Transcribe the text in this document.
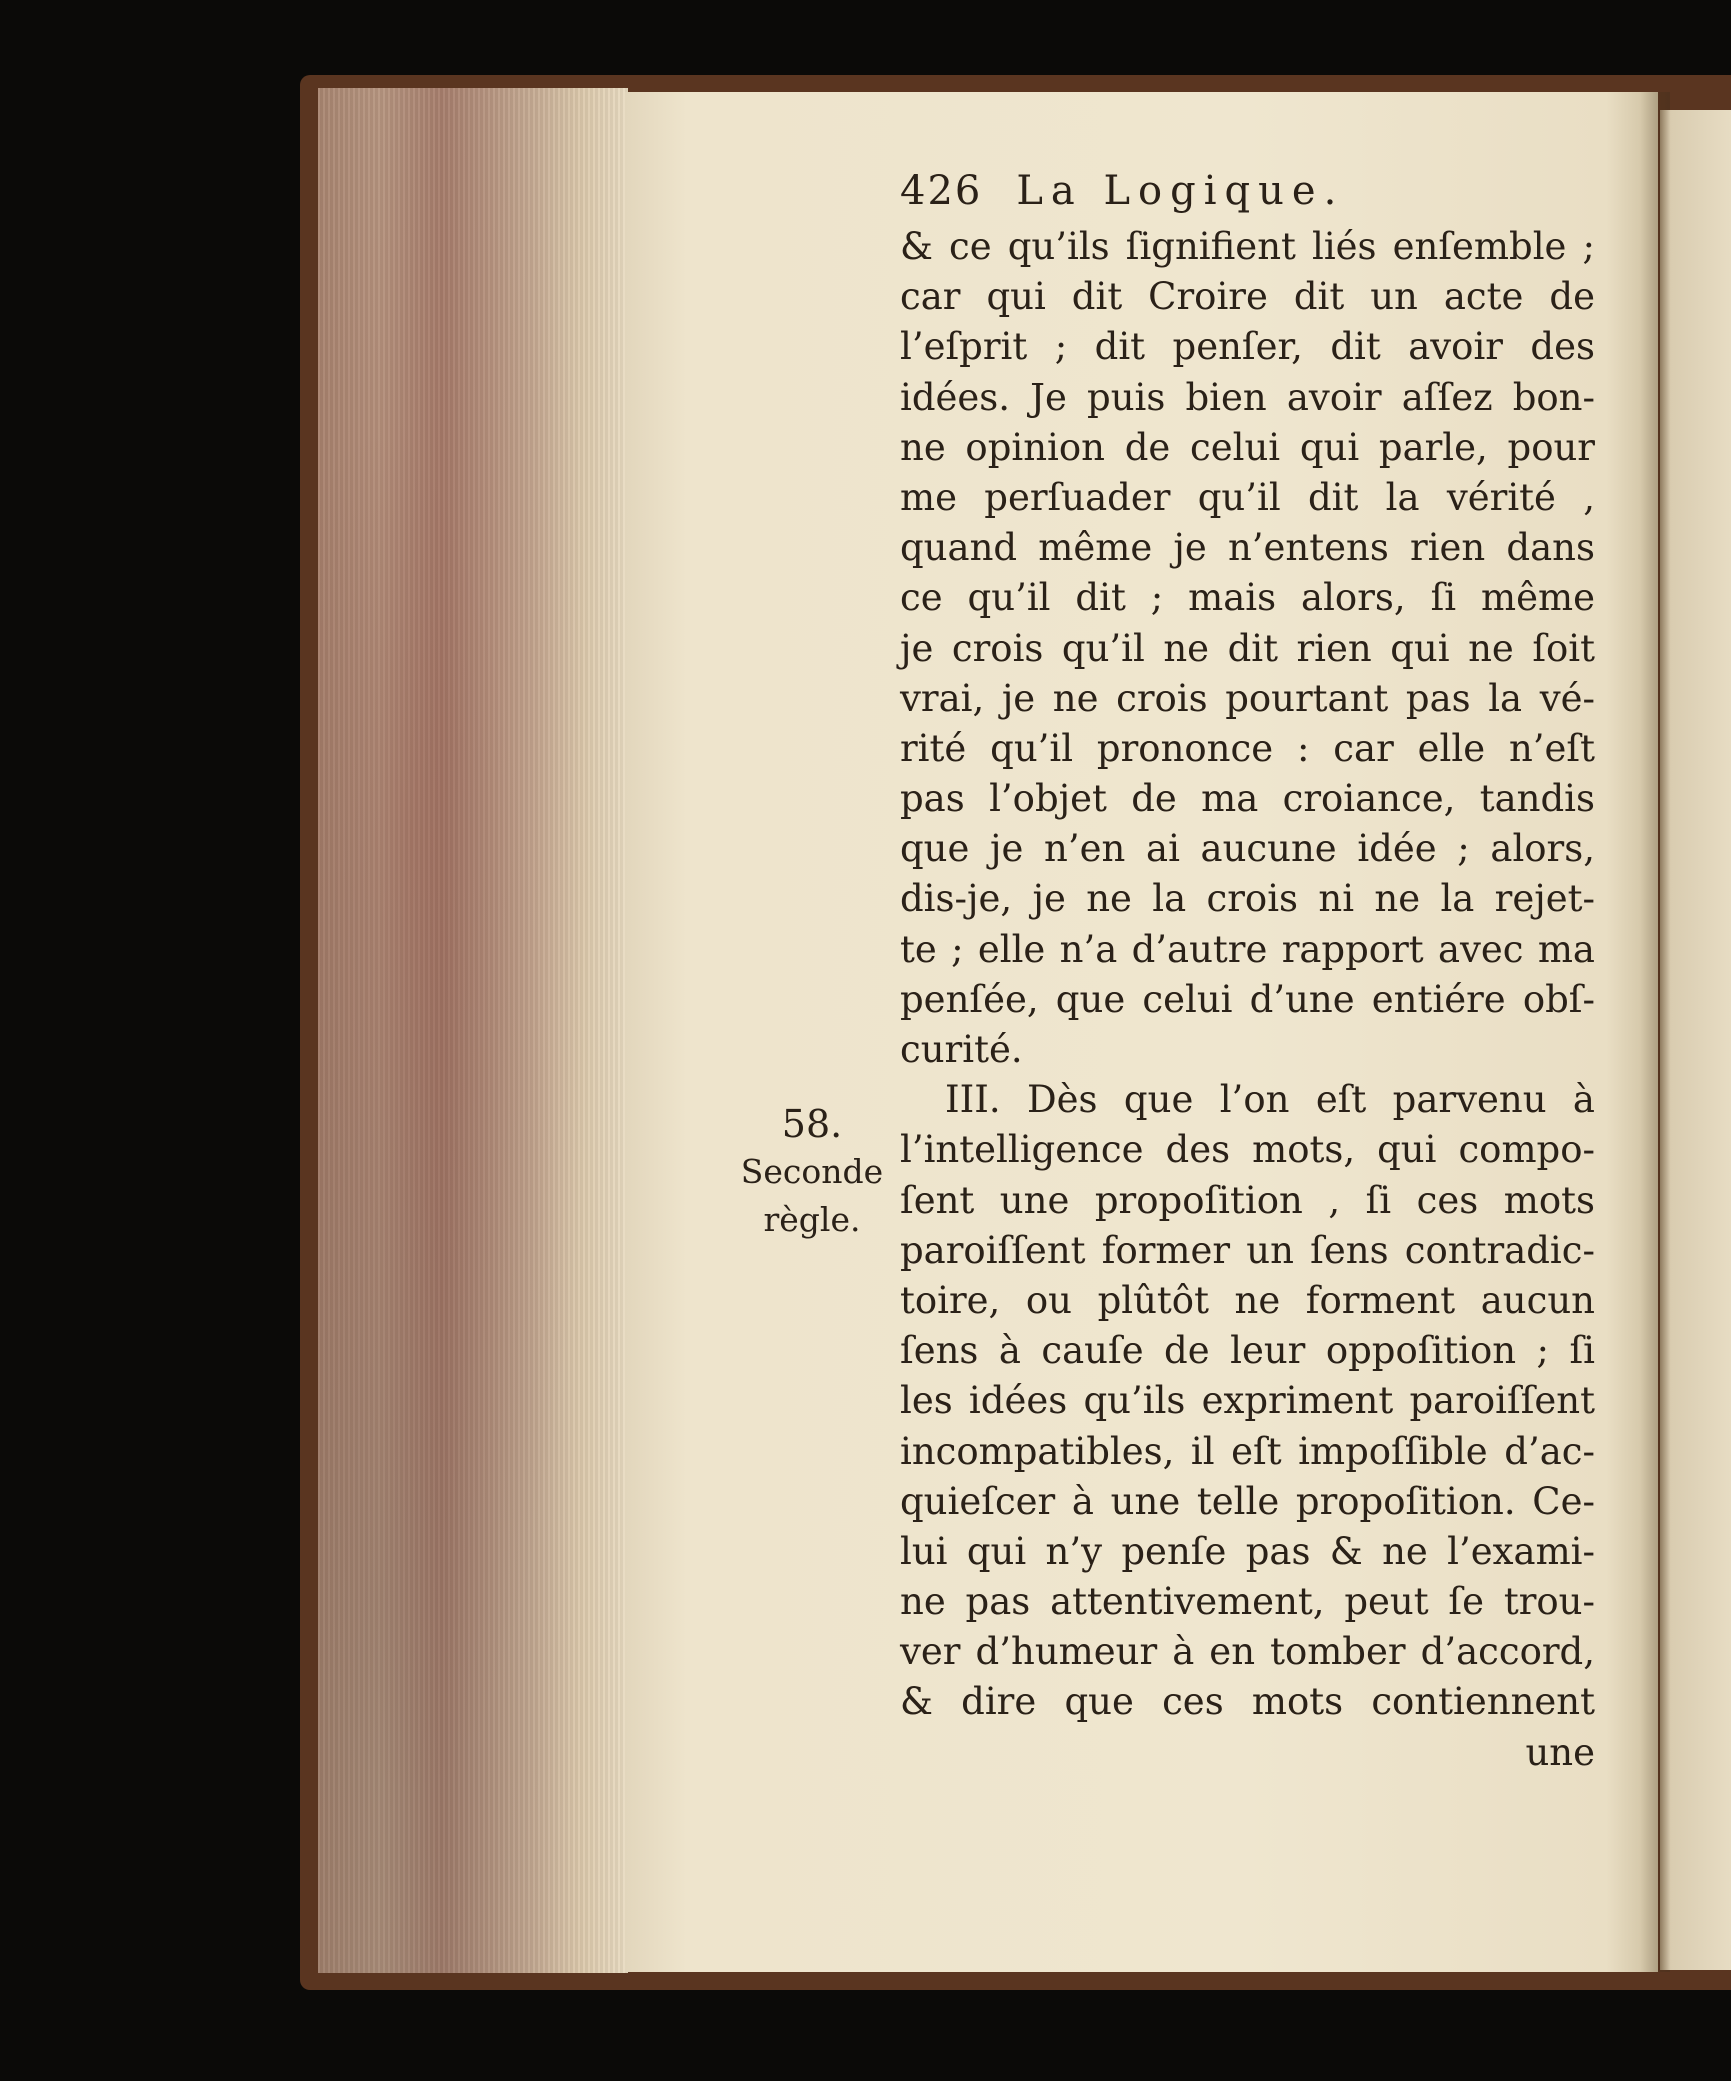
426 La Logique.
58.
Seconde
règle.
& ce qu’ils ſignifient liés enſemble ;
car qui dit Croire dit un acte de
l’eſprit ; dit penſer, dit avoir des
idées. Je puis bien avoir aſſez bon-
ne opinion de celui qui parle, pour
me perſuader qu’il dit la vérité ,
quand même je n’entens rien dans
ce qu’il dit ; mais alors, ſi même
je crois qu’il ne dit rien qui ne ſoit
vrai, je ne crois pourtant pas la vé-
rité qu’il prononce : car elle n’eſt
pas l’objet de ma croiance, tandis
que je n’en ai aucune idée ; alors,
dis-je, je ne la crois ni ne la rejet-
te ; elle n’a d’autre rapport avec ma
penſée, que celui d’une entiére obſ-
curité.
III. Dès que l’on eſt parvenu à
l’intelligence des mots, qui compo-
ſent une propoſition , ſi ces mots
paroiſſent former un ſens contradic-
toire, ou plûtôt ne forment aucun
ſens à cauſe de leur oppoſition ; ſi
les idées qu’ils expriment paroiſſent
incompatibles, il eſt impoſſible d’ac-
quieſcer à une telle propoſition. Ce-
lui qui n’y penſe pas & ne l’exami-
ne pas attentivement, peut ſe trou-
ver d’humeur à en tomber d’accord,
& dire que ces mots contiennent
une
